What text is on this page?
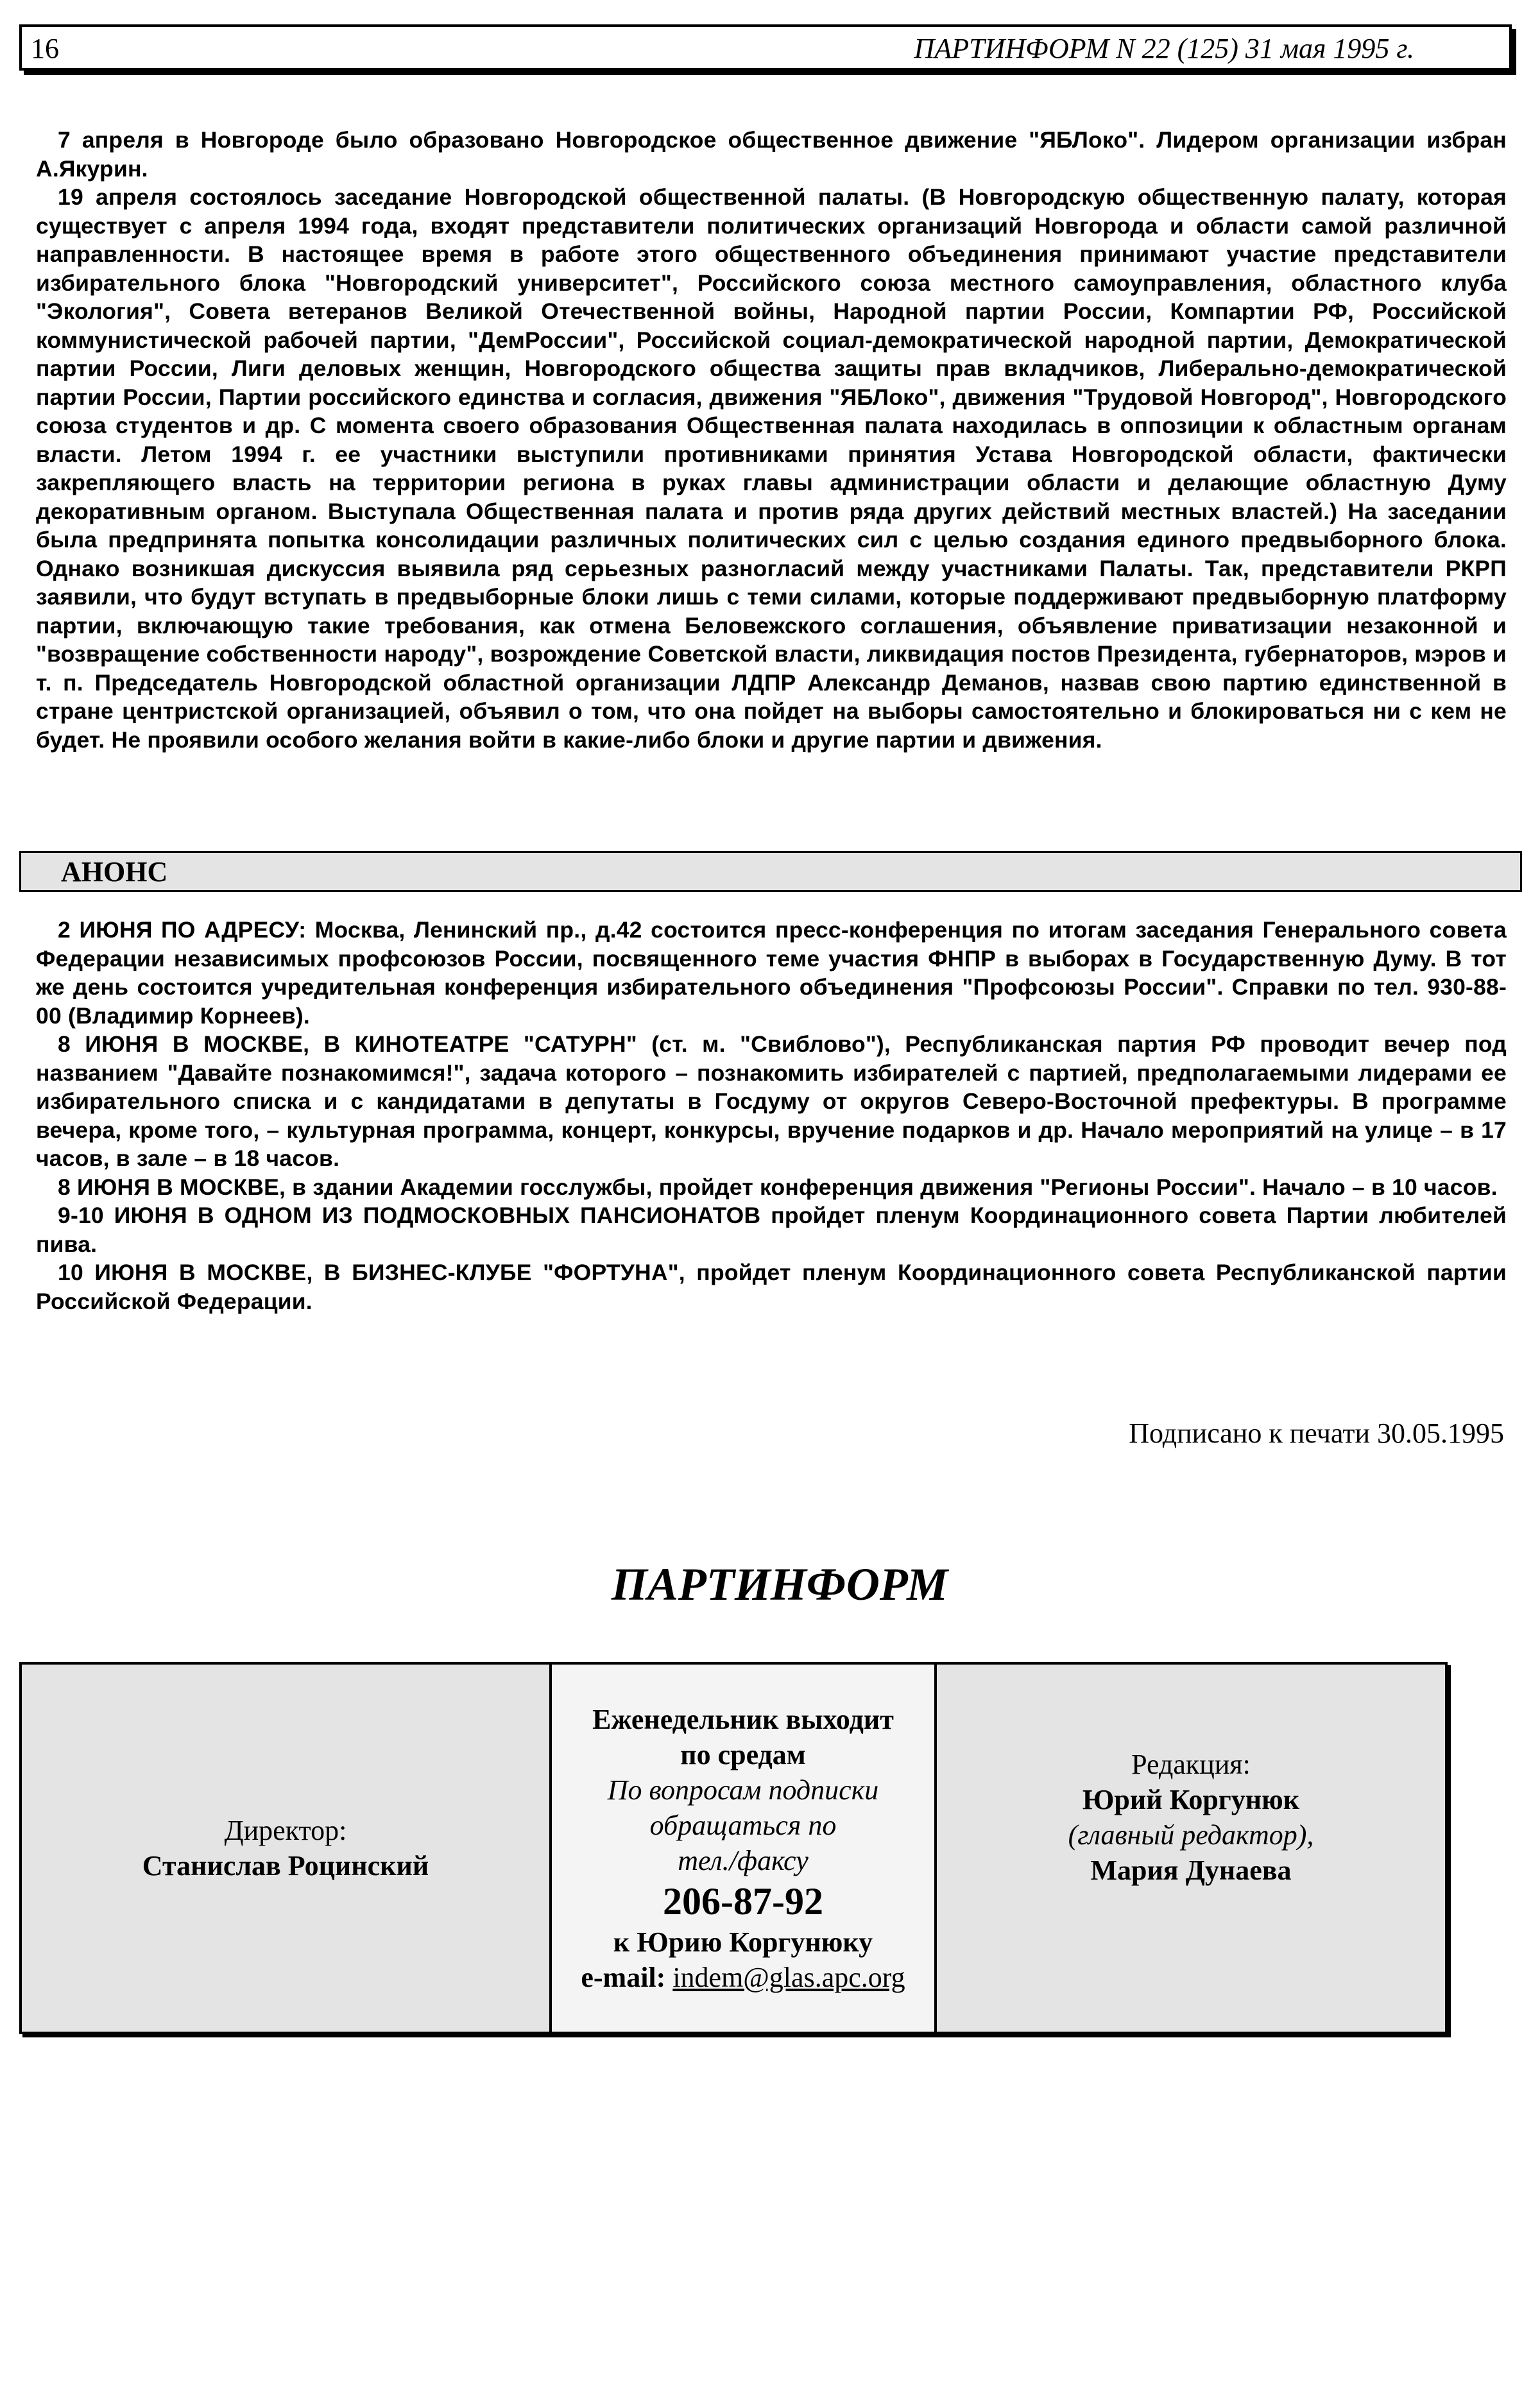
16	ПАРТИНФОРМ N 22 (125) 31 мая 1995 г.

7 апреля в Новгороде было образовано Новгородское общественное движение "ЯБЛоко". Лидером организации избран А.Якурин.

19 апреля состоялось заседание Новгородской общественной палаты. (В Новгородскую общественную палату, которая существует с апреля 1994 года, входят представители политических организаций Новгорода и области самой различной направленности. В настоящее время в работе этого общественного объединения принимают участие представители избирательного блока "Новгородский университет", Российского союза местного самоуправления, областного клуба "Экология", Совета ветеранов Великой Отечественной войны, Народной партии России, Компартии РФ, Российской коммунистической рабочей партии, "ДемРоссии", Российской социал-демократической народной партии, Демократической партии России, Лиги деловых женщин, Новгородского общества защиты прав вкладчиков, Либерально-демократической партии России, Партии российского единства и согласия, движения "ЯБЛоко", движения "Трудовой Новгород", Новгородского союза студентов и др. С момента своего образования Общественная палата находилась в оппозиции к областным органам власти. Летом 1994 г. ее участники выступили противниками принятия Устава Новгородской области, фактически закрепляющего власть на территории региона в руках главы администрации области и делающие областную Думу декоративным органом. Выступала Общественная палата и против ряда других действий местных властей.) На заседании была предпринята попытка консолидации различных политических сил с целью создания единого предвыборного блока. Однако возникшая дискуссия выявила ряд серьезных разногласий между участниками Палаты. Так, представители РКРП заявили, что будут вступать в предвыборные блоки лишь с теми силами, которые поддерживают предвыборную платформу партии, включающую такие требования, как отмена Беловежского соглашения, объявление приватизации незаконной и "возвращение собственности народу", возрождение Советской власти, ликвидация постов Президента, губернаторов, мэров и т. п. Председатель Новгородской областной организации ЛДПР Александр Деманов, назвав свою партию единственной в стране центристской организацией, объявил о том, что она пойдет на выборы самостоятельно и блокироваться ни с кем не будет. Не проявили особого желания войти в какие-либо блоки и другие партии и движения.

АНОНС

2 ИЮНЯ ПО АДРЕСУ: Москва, Ленинский пр., д.42 состоится пресс-конференция по итогам заседания Генерального совета Федерации независимых профсоюзов России, посвященного теме участия ФНПР в выборах в Государственную Думу. В тот же день состоится учредительная конференция избирательного объединения "Профсоюзы России". Справки по тел. 930-88-00 (Владимир Корнеев).

8 ИЮНЯ В МОСКВЕ, В КИНОТЕАТРЕ "САТУРН" (ст. м. "Свиблово"), Республиканская партия РФ проводит вечер под названием "Давайте познакомимся!", задача которого – познакомить избирателей с партией, предполагаемыми лидерами ее избирательного списка и с кандидатами в депутаты в Госдуму от округов Северо-Восточной префектуры. В программе вечера, кроме того, – культурная программа, концерт, конкурсы, вручение подарков и др. Начало мероприятий на улице – в 17 часов, в зале – в 18 часов.

8 ИЮНЯ В МОСКВЕ, в здании Академии госслужбы, пройдет конференция движения "Регионы России". Начало – в 10 часов.

9-10 ИЮНЯ В ОДНОМ ИЗ ПОДМОСКОВНЫХ ПАНСИОНАТОВ пройдет пленум Координационного совета Партии любителей пива.

10 ИЮНЯ В МОСКВЕ, В БИЗНЕС-КЛУБЕ "ФОРТУНА", пройдет пленум Координационного совета Республиканской партии Российской Федерации.

Подписано к печати 30.05.1995
ПАРТИНФОРМ
Директор:
Станислав Роцинский
Еженедельник выходит
по средам
По вопросам подписки
обращаться по
тел./факсу
206-87-92
к Юрию Коргунюку
e-mail: indem@glas.apc.org
Редакция:
Юрий Коргунюк
(главный редактор),
Мария Дунаева
